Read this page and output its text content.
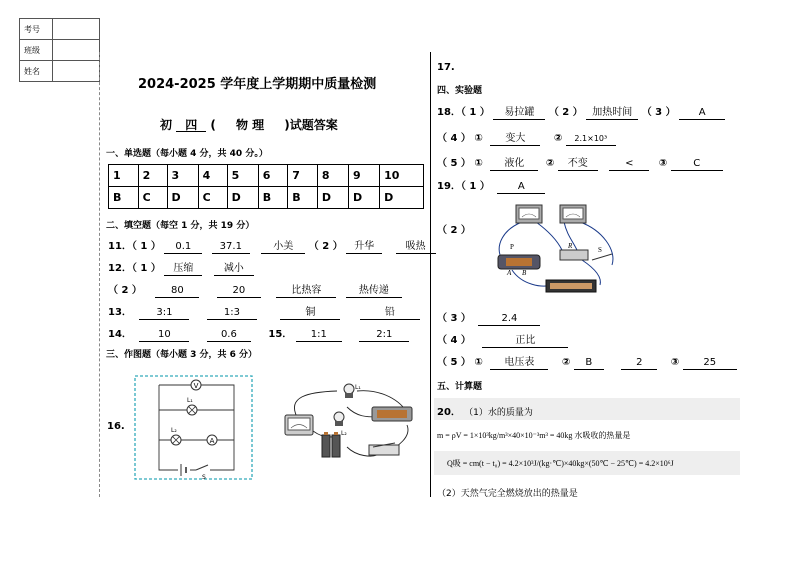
考号	
班级	
姓名	
2024-2025 学年度上学期期中质量检测
初 四 ( 物 理 )试题答案
一、单选题（每小题 4 分，共 40 分。）
1	2	3	4	5	6	7	8	9	10
B	C	D	C	D	B	B	D	D	D
二、填空题（每空 1 分，共 19 分）
11．（ 1 ） 0.1	37.1	小美 （ 2 ） 升华	吸热
12．（ 1 ） 压缩	减小
（ 2 ）	80	20	比热容	热传递
13． 3:1	1:3	铜	铅
14．	10	0.6	15． 1:1	2:1
三、作图题（每小题 3 分，共 6 分）
16.
V
L₁
L₂
A
S
L₁
L₂
17.
四、实验题
18．（ 1 ） 易拉罐 （ 2 ） 加热时间 （ 3 ） A
（ 4 ） ① 变大	② 2.1×10³
（ 5 ） ① 液化 ② 不变	<	③	C
19．（ 1 ）	A
（ 2 ）
P
A B
R	S
（ 3 ）	2.4
（ 4 ）	正比
（ 5 ） ① 电压表	② B	2	③ 25
五、计算题
20． （1）水的质量为
m = ρV = 1×10³kg/m³×40×10⁻³m³ = 40kg 水吸收的热量是
Q吸 = cm(t − t₀) = 4.2×10³J/(kg·℃)×40kg×(50℃ − 25℃) = 4.2×10⁶J
（2）天然气完全燃烧放出的热量是
